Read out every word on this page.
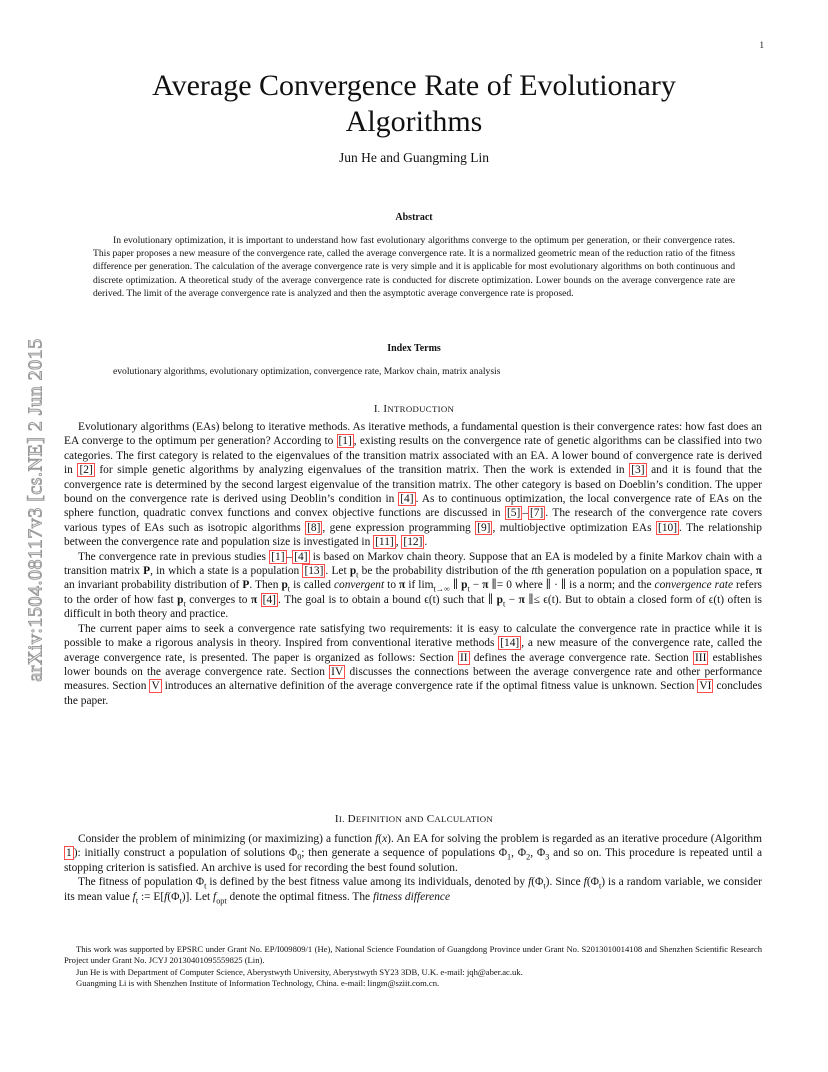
1
arXiv:1504.08117v3 [cs.NE] 2 Jun 2015
Average Convergence Rate of Evolutionary Algorithms
Jun He and Guangming Lin
Abstract

In evolutionary optimization, it is important to understand how fast evolutionary algorithms converge to the optimum per generation, or their convergence rates. This paper proposes a new measure of the convergence rate, called the average convergence rate. It is a normalized geometric mean of the reduction ratio of the fitness difference per generation. The calculation of the average convergence rate is very simple and it is applicable for most evolutionary algorithms on both continuous and discrete optimization. A theoretical study of the average convergence rate is conducted for discrete optimization. Lower bounds on the average convergence rate are derived. The limit of the average convergence rate is analyzed and then the asymptotic average convergence rate is proposed.

Index Terms
evolutionary algorithms, evolutionary optimization, convergence rate, Markov chain, matrix analysis
I. INTRODUCTION

Evolutionary algorithms (EAs) belong to iterative methods. As iterative methods, a fundamental question is their convergence rates: how fast does an EA converge to the optimum per generation? According to [1] , existing results on the convergence rate of genetic algorithms can be classified into two categories. The first category is related to the eigenvalues of the transition matrix associated with an EA. A lower bound of convergence rate is derived in [2] for simple genetic algorithms by analyzing eigenvalues of the transition matrix. Then the work is extended in [3] and it is found that the convergence rate is determined by the second largest eigenvalue of the transition matrix. The other category is based on Doeblin’s condition. The upper bound on the convergence rate is derived using Deoblin’s condition in [4] . As to continuous optimization, the local convergence rate of EAs on the sphere function, quadratic convex functions and convex objective functions are discussed in [5] – [7] . The research of the convergence rate covers various types of EAs such as isotropic algorithms [8] , gene expression programming [9] , multiobjective optimization EAs [10] . The relationship between the convergence rate and population size is investigated in [11] , [12] .

The convergence rate in previous studies [1] – [4] is based on Markov chain theory. Suppose that an EA is modeled by a finite Markov chain with a transition matrix P, in which a state is a population [13] . Let $p_t$ be the probability distribution of the tth generation population on a population space, π an invariant probability distribution of P. Then $p_t$ is called convergent to π if $\lim_{t\to\infty}$ ∥ $p_t - \pi$ ∥= 0 where ∥ · ∥ is a norm; and the convergence rate refers to the order of how fast $p_t$ converges to π [4] . The goal is to obtain a bound ϵ(t) such that ∥ $p_t - \pi$ ∥≤ ϵ(t). But to obtain a closed form of ϵ(t) often is difficult in both theory and practice.

The current paper aims to seek a convergence rate satisfying two requirements: it is easy to calculate the convergence rate in practice while it is possible to make a rigorous analysis in theory. Inspired from conventional iterative methods [14] , a new measure of the convergence rate, called the average convergence rate, is presented. The paper is organized as follows: Section II defines the average convergence rate. Section III establishes lower bounds on the average convergence rate. Section IV discusses the connections between the average convergence rate and other performance measures. Section V introduces an alternative definition of the average convergence rate if the optimal fitness value is unknown. Section VI concludes the paper.

II. DEFINITION aND CALCULATION

Consider the problem of minimizing (or maximizing) a function f(x). An EA for solving the problem is regarded as an iterative procedure (Algorithm 1 ): initially construct a population of solutions $\Phi_0$; then generate a sequence of populations $\Phi_1$, $\Phi_2$, $\Phi_3$ and so on. This procedure is repeated until a stopping criterion is satisfied. An archive is used for recording the best found solution.

The fitness of population $\Phi_t$ is defined by the best fitness value among its individuals, denoted by $f(\Phi_t)$. Since $f(\Phi_t)$ is a random variable, we consider its mean value $f_t$ := $E[f(\Phi_t)]$. Let $f_{opt}$ denote the optimal fitness. The fitness difference

This work was supported by EPSRC under Grant No. EP/I009809/1 (He), National Science Foundation of Guangdong Province under Grant No. S2013010014108 and Shenzhen Scientific Research Project under Grant No. JCYJ 20130401095559825 (Lin).

Jun He is with Department of Computer Science, Aberystwyth University, Aberystwyth SY23 3DB, U.K. e-mail: jqh@aber.ac.uk.

Guangming Li is with Shenzhen Institute of Information Technology, China. e-mail: lingm@sziit.com.cn.
